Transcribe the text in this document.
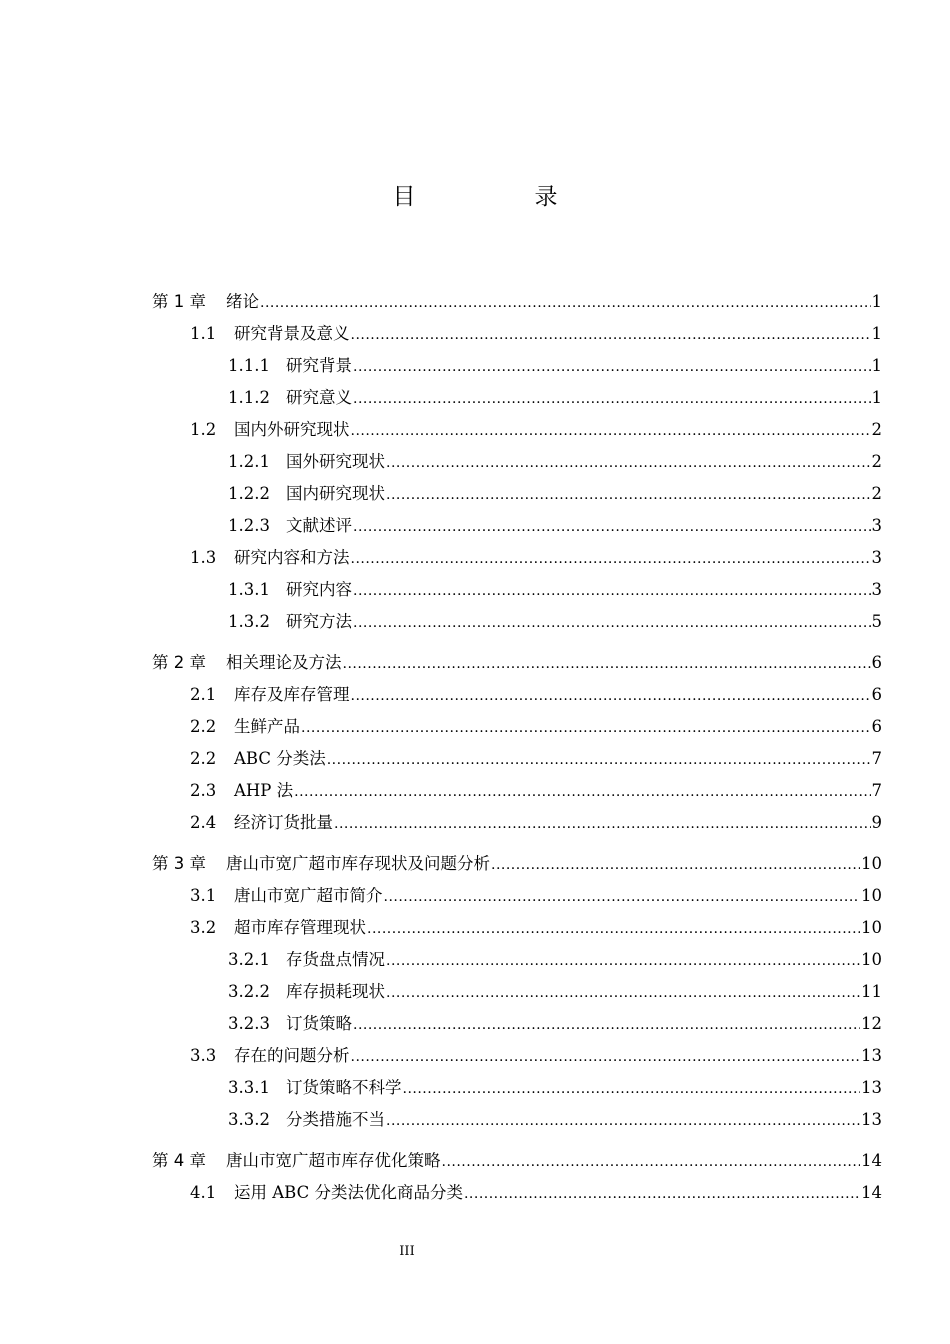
目　录
第 1 章	绪论 .....	1
1.1	研究背景及意义 .....	1
1.1.1 研究背景 .....	1
1.1.2 研究意义 .....	1
1.2	国内外研究现状 .....	2
1.2.1 国外研究现状 .....	2
1.2.2 国内研究现状 .....	2
1.2.3 文献述评 .....	3
1.3	研究内容和方法 .....	3
1.3.1 研究内容 .....	3
1.3.2 研究方法 .....	5
第 2 章	相关理论及方法 .....	6
2.1	库存及库存管理 .....	6
2.2	生鲜产品 .....	6
2.2	ABC 分类法 .....	7
2.3	AHP 法 .....	7
2.4	经济订货批量 .....	9
第 3 章	唐山市宽广超市库存现状及问题分析 .....	10
3.1	唐山市宽广超市简介 .....	10
3.2	超市库存管理现状 .....	10
3.2.1 存货盘点情况 .....	10
3.2.2 库存损耗现状 .....	11
3.2.3 订货策略 .....	12
3.3	存在的问题分析 .....	13
3.3.1 订货策略不科学 .....	13
3.3.2 分类措施不当 .....	13
第 4 章	唐山市宽广超市库存优化策略 .....	14
4.1	运用 ABC 分类法优化商品分类 .....	14
III
